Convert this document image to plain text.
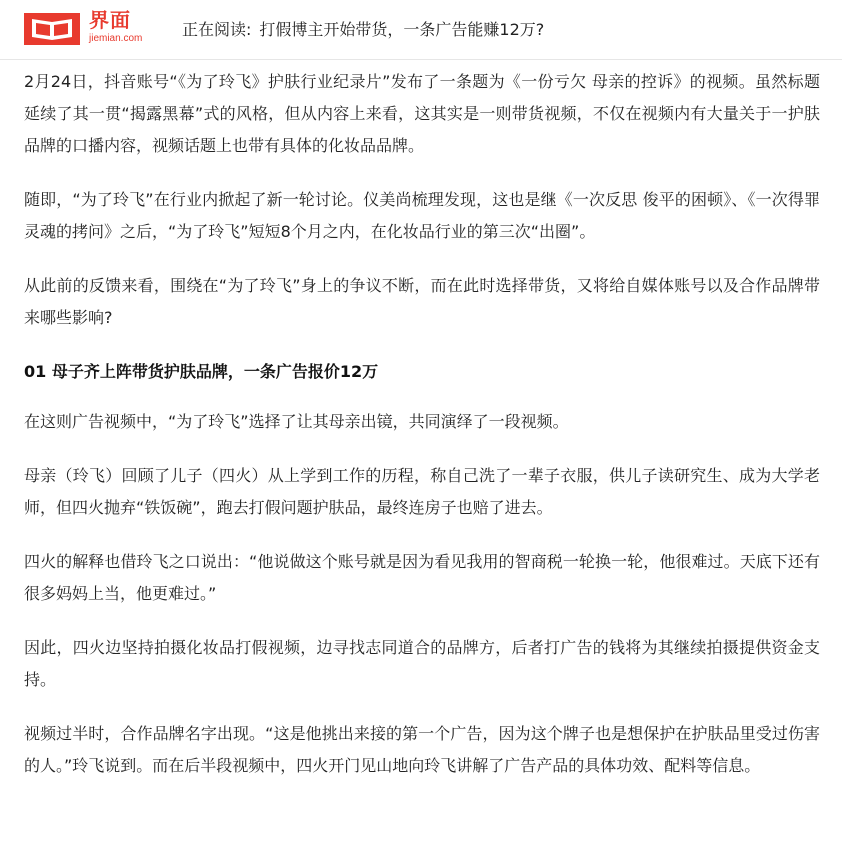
界面
jiemian.com 正在阅读: 打假博主开始带货，一条广告能赚12万?

2月24日，抖音账号“《为了玲飞》护肤行业纪录片”发布了一条题为《一份亏欠 母亲的控诉》的视频。虽然标题延续了其一贯“揭露黑幕”式的风格，但从内容上来看，这其实是一则带货视频，不仅在视频内有大量关于一护肤品牌的口播内容，视频话题上也带有具体的化妆品品牌。

随即，“为了玲飞”在行业内掀起了新一轮讨论。仪美尚梳理发现，这也是继《一次反思 俊平的困顿》、《一次得罪灵魂的拷问》之后，“为了玲飞”短短8个月之内，在化妆品行业的第三次“出圈”。

从此前的反馈来看，围绕在“为了玲飞”身上的争议不断，而在此时选择带货，又将给自媒体账号以及合作品牌带来哪些影响?

01 母子齐上阵带货护肤品牌，一条广告报价12万

在这则广告视频中，“为了玲飞”选择了让其母亲出镜，共同演绎了一段视频。

母亲（玲飞）回顾了儿子（四火）从上学到工作的历程，称自己洗了一辈子衣服，供儿子读研究生、成为大学老师，但四火抛弃“铁饭碗”，跑去打假问题护肤品，最终连房子也赔了进去。

四火的解释也借玲飞之口说出：“他说做这个账号就是因为看见我用的智商税一轮换一轮，他很难过。天底下还有很多妈妈上当，他更难过。”

因此，四火边坚持拍摄化妆品打假视频，边寻找志同道合的品牌方，后者打广告的钱将为其继续拍摄提供资金支持。

视频过半时，合作品牌名字出现。“这是他挑出来接的第一个广告，因为这个牌子也是想保护在护肤品里受过伤害的人。”玲飞说到。而在后半段视频中，四火开门见山地向玲飞讲解了广告产品的具体功效、配料等信息。
